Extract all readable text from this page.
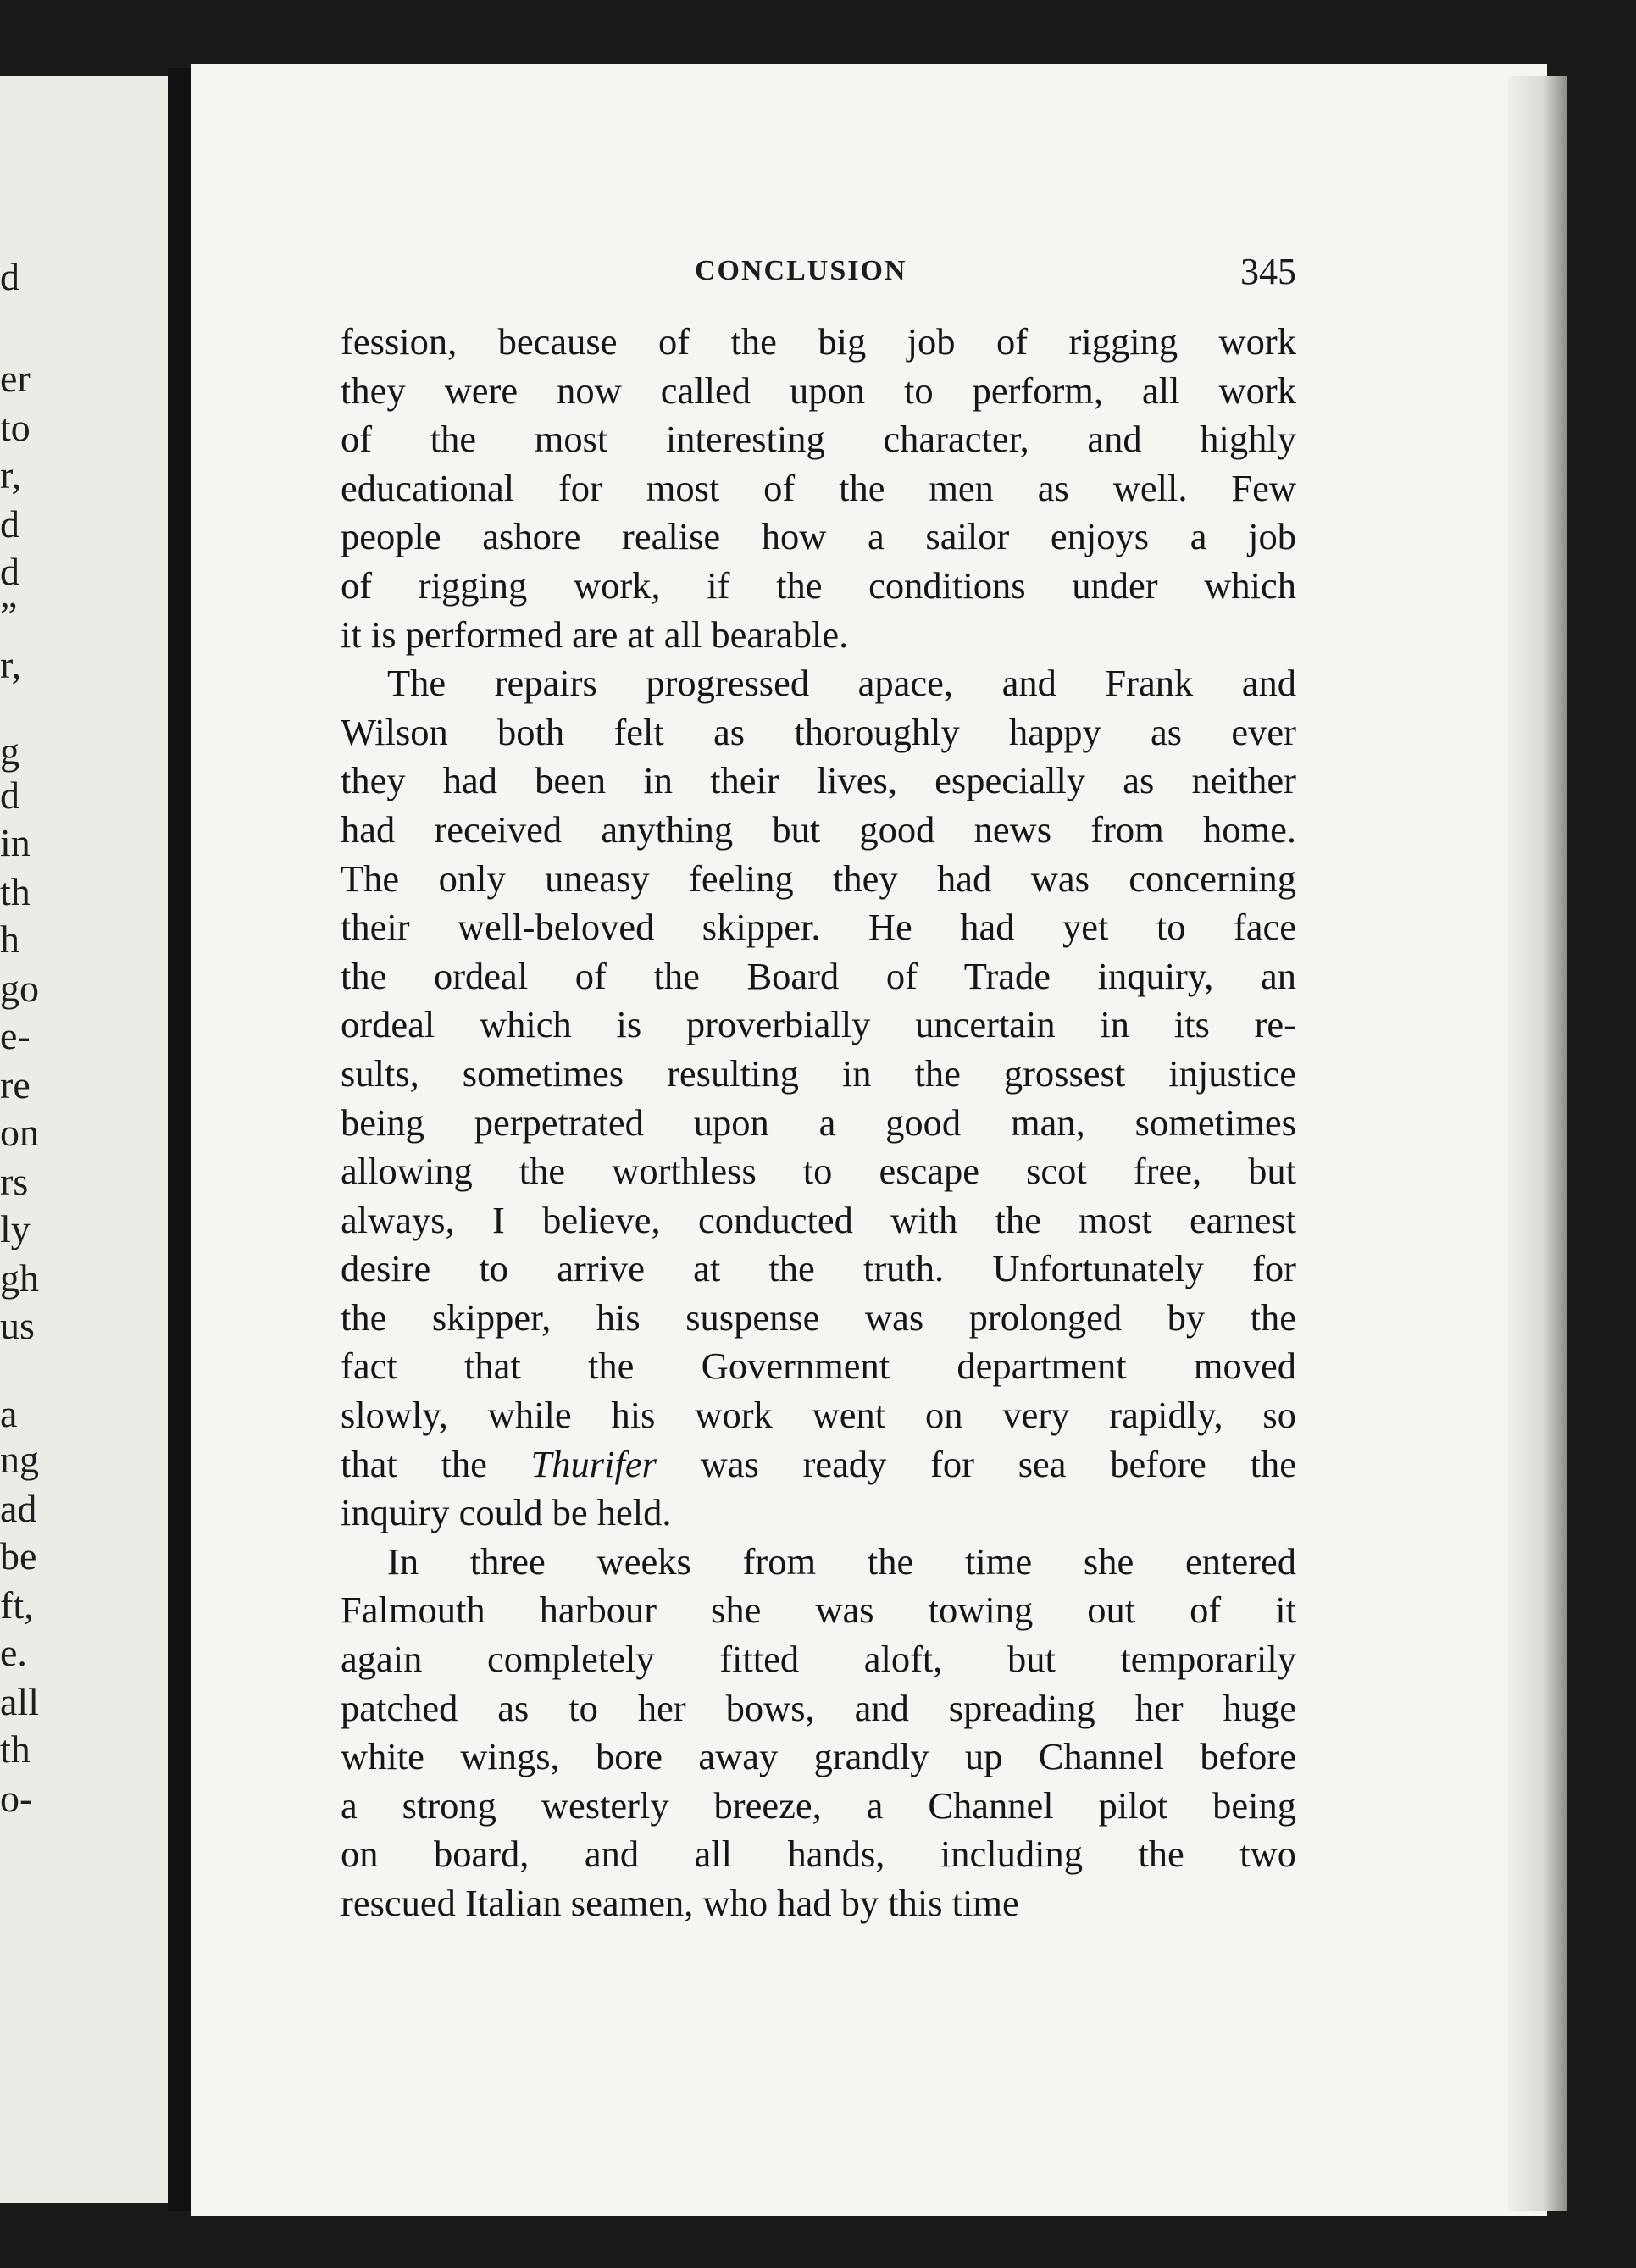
d
er
to
r,
d
d
”
r,
g
d
in
th
h
go
e-
re
on
rs
ly
gh
us
a
ng
ad
be
ft,
e.
all
th
o-
CONCLUSION	345
fession, because of the big job of rigging work
they were now called upon to perform, all work
of the most interesting character, and highly
educational for most of the men as well. Few
people ashore realise how a sailor enjoys a job
of rigging work, if the conditions under which
it is performed are at all bearable.
The repairs progressed apace, and Frank and
Wilson both felt as thoroughly happy as ever
they had been in their lives, especially as neither
had received anything but good news from home.
The only uneasy feeling they had was concerning
their well-beloved skipper. He had yet to face
the ordeal of the Board of Trade inquiry, an
ordeal which is proverbially uncertain in its re-
sults, sometimes resulting in the grossest injustice
being perpetrated upon a good man, sometimes
allowing the worthless to escape scot free, but
always, I believe, conducted with the most earnest
desire to arrive at the truth. Unfortunately for
the skipper, his suspense was prolonged by the
fact that the Government department moved
slowly, while his work went on very rapidly, so
that the Thurifer was ready for sea before the
inquiry could be held.
In three weeks from the time she entered
Falmouth harbour she was towing out of it
again completely fitted aloft, but temporarily
patched as to her bows, and spreading her huge
white wings, bore away grandly up Channel before
a strong westerly breeze, a Channel pilot being
on board, and all hands, including the two
rescued Italian seamen, who had by this time
